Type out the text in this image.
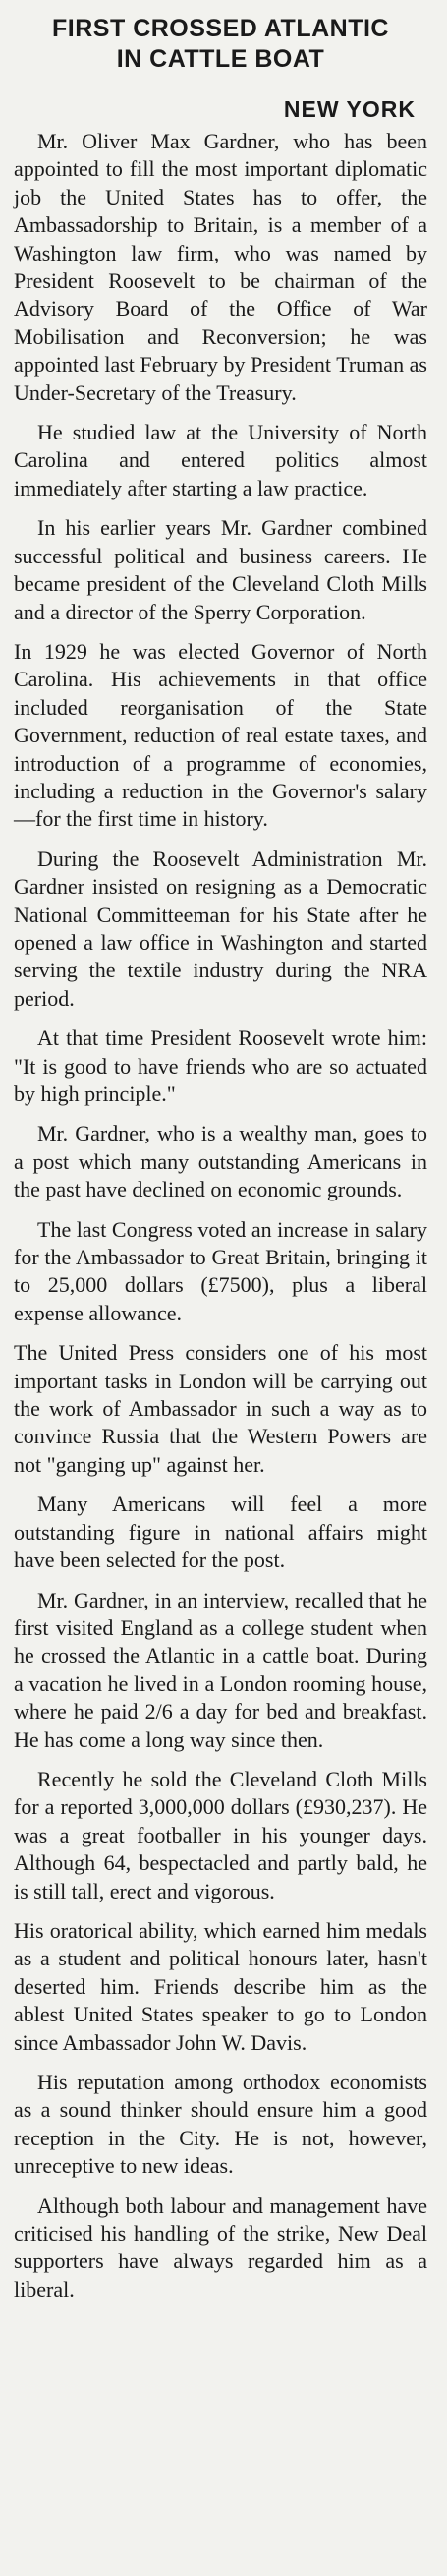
FIRST CROSSED ATLANTIC
IN CATTLE BOAT
NEW YORK

Mr. Oliver Max Gardner, who has been appointed to fill the most important diplomatic job the United States has to offer, the Ambassadorship to Britain, is a member of a Washington law firm, who was named by President Roosevelt to be chairman of the Advisory Board of the Office of War Mobilisation and Reconversion; he was appointed last February by President Truman as Under-Secretary of the Treasury.

He studied law at the University of North Carolina and entered politics almost immediately after starting a law practice.

In his earlier years Mr. Gardner combined successful political and business careers. He became president of the Cleveland Cloth Mills and a director of the Sperry Corporation.

In 1929 he was elected Governor of North Carolina. His achievements in that office included reorganisation of the State Government, reduction of real estate taxes, and introduction of a programme of economies, including a reduction in the Governor's salary—for the first time in history.

During the Roosevelt Administration Mr. Gardner insisted on resigning as a Democratic National Committeeman for his State after he opened a law office in Washington and started serving the textile industry during the NRA period.

At that time President Roosevelt wrote him: "It is good to have friends who are so actuated by high principle."

Mr. Gardner, who is a wealthy man, goes to a post which many outstanding Americans in the past have declined on economic grounds.

The last Congress voted an increase in salary for the Ambassador to Great Britain, bringing it to 25,000 dollars (£7500), plus a liberal expense allowance.

The United Press considers one of his most important tasks in London will be carrying out the work of Ambassador in such a way as to convince Russia that the Western Powers are not "ganging up" against her.

Many Americans will feel a more outstanding figure in national affairs might have been selected for the post.

Mr. Gardner, in an interview, recalled that he first visited England as a college student when he crossed the Atlantic in a cattle boat. During a vacation he lived in a London rooming house, where he paid 2/6 a day for bed and breakfast. He has come a long way since then.

Recently he sold the Cleveland Cloth Mills for a reported 3,000,000 dollars (£930,237). He was a great footballer in his younger days. Although 64, bespectacled and partly bald, he is still tall, erect and vigorous.

His oratorical ability, which earned him medals as a student and political honours later, hasn't deserted him. Friends describe him as the ablest United States speaker to go to London since Ambassador John W. Davis.

His reputation among orthodox economists as a sound thinker should ensure him a good reception in the City. He is not, however, unreceptive to new ideas.

Although both labour and management have criticised his handling of the strike, New Deal supporters have always regarded him as a liberal.
